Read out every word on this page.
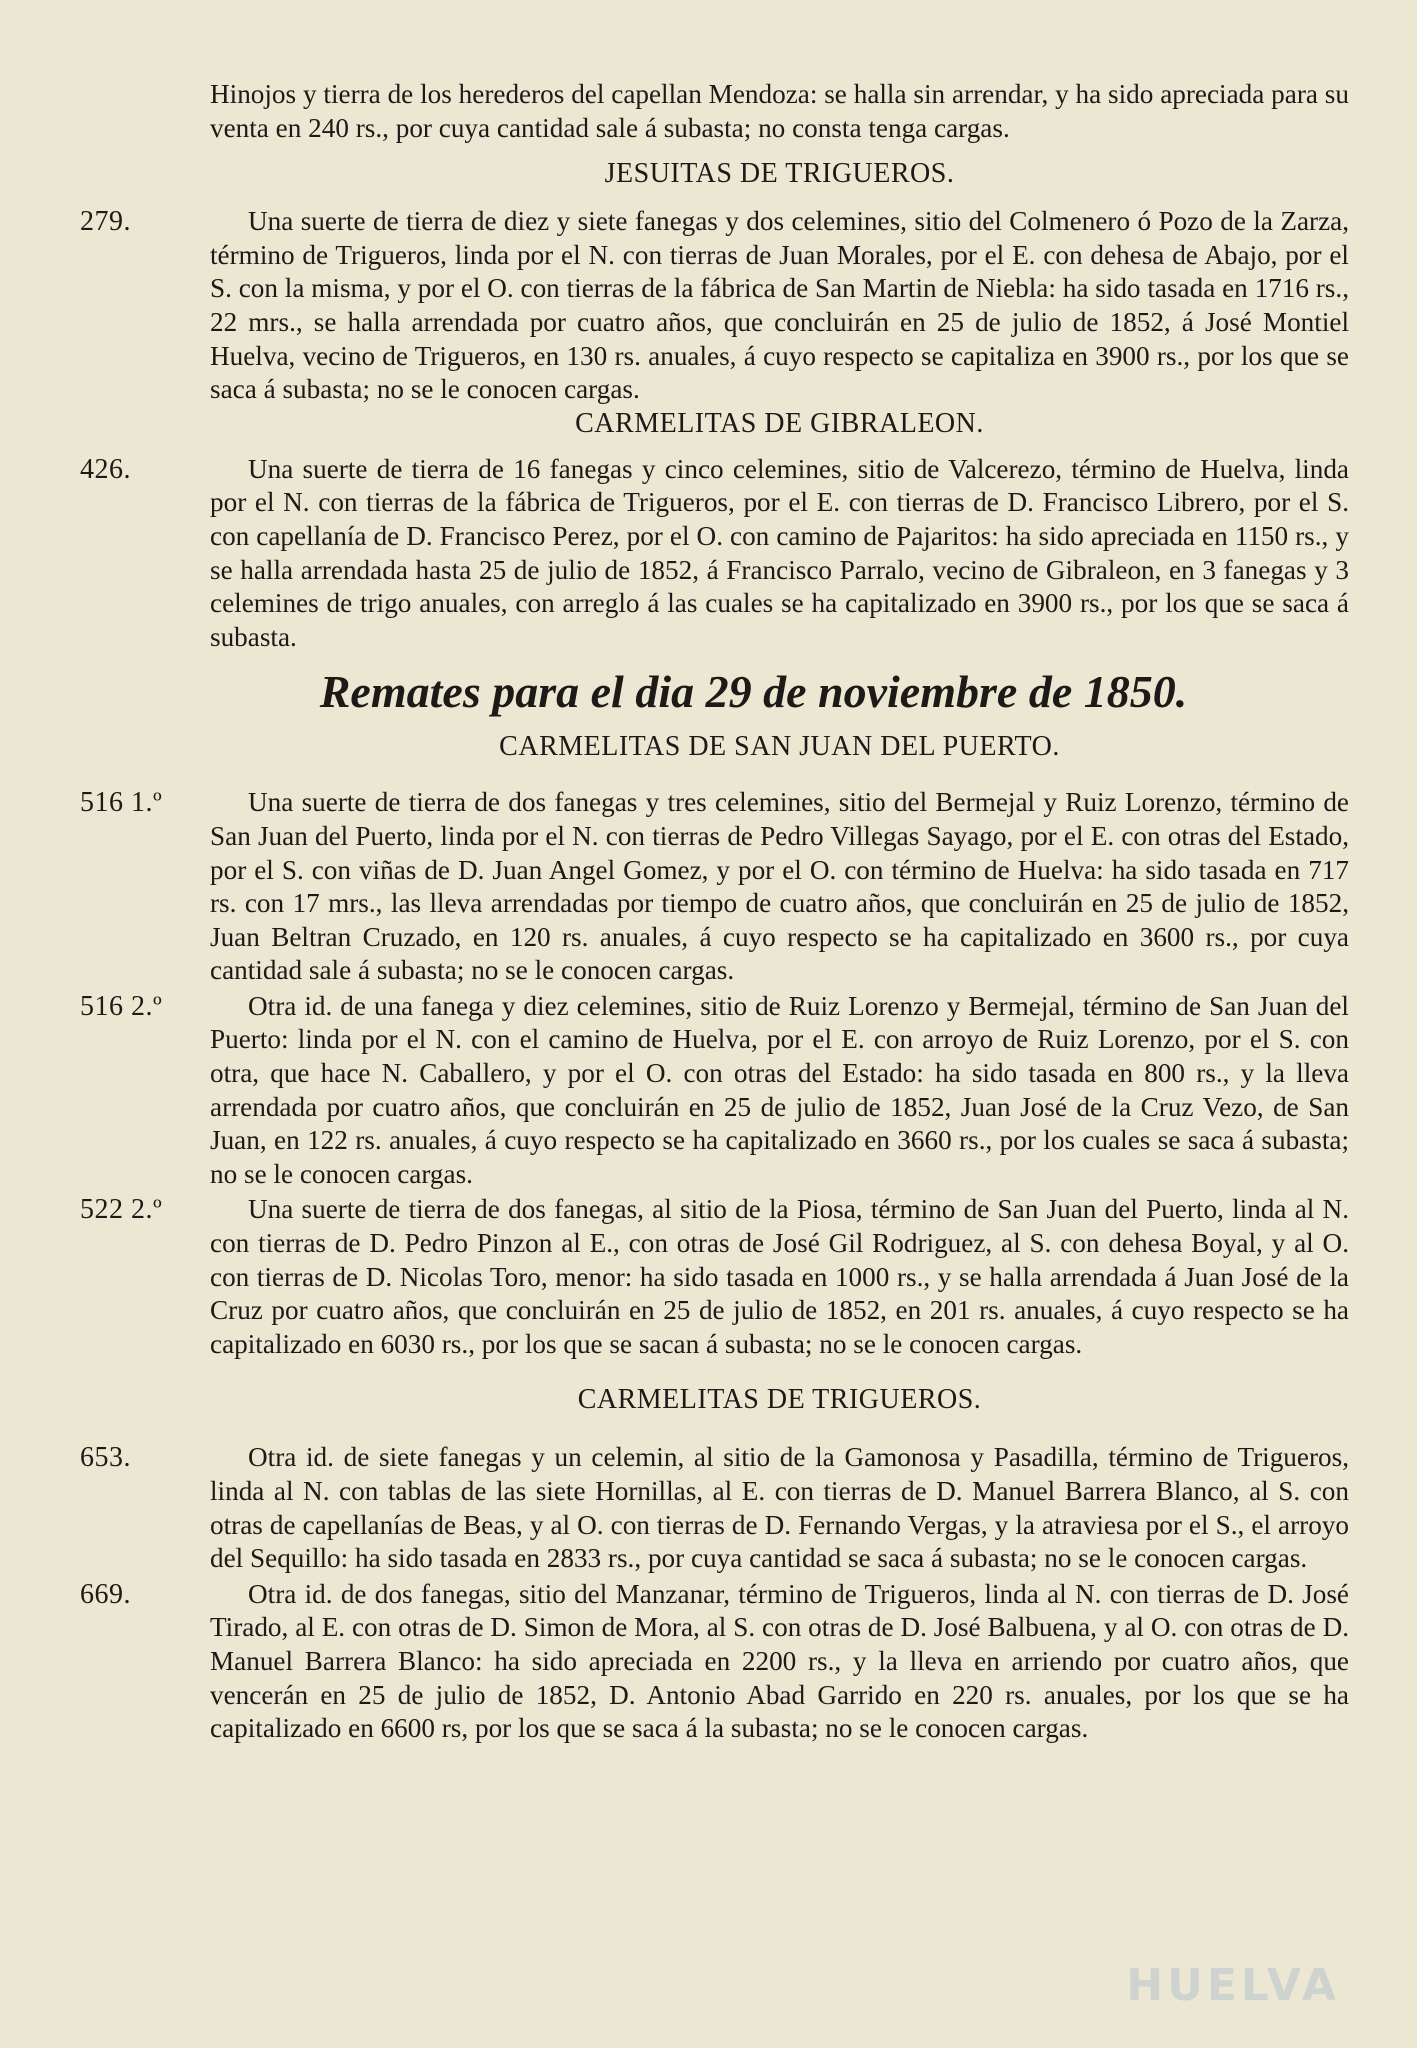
Hinojos y tierra de los herederos del capellan Mendoza: se halla sin arrendar, y ha sido apreciada para su venta en 240 rs., por cuya cantidad sale á subasta; no consta tenga cargas.

JESUITAS DE TRIGUEROS.
279.	Una suerte de tierra de diez y siete fanegas y dos celemines, sitio del Colmenero ó Pozo de la Zarza, término de Trigueros, linda por el N. con tierras de Juan Morales, por el E. con dehesa de Abajo, por el S. con la misma, y por el O. con tierras de la fábrica de San Martin de Niebla: ha sido tasada en 1716 rs., 22 mrs., se halla arrendada por cuatro años, que concluirán en 25 de julio de 1852, á José Montiel Huelva, vecino de Trigueros, en 130 rs. anuales, á cuyo respecto se capitaliza en 3900 rs., por los que se saca á subasta; no se le conocen cargas.
CARMELITAS DE GIBRALEON.
426.	Una suerte de tierra de 16 fanegas y cinco celemines, sitio de Valcerezo, término de Huelva, linda por el N. con tierras de la fábrica de Trigueros, por el E. con tierras de D. Francisco Librero, por el S. con capellanía de D. Francisco Perez, por el O. con camino de Pajaritos: ha sido apreciada en 1150 rs., y se halla arrendada hasta 25 de julio de 1852, á Francisco Parralo, vecino de Gibraleon, en 3 fanegas y 3 celemines de trigo anuales, con arreglo á las cuales se ha capitalizado en 3900 rs., por los que se saca á subasta.
Remates para el dia 29 de noviembre de 1850.
CARMELITAS DE SAN JUAN DEL PUERTO.
516 1.º	Una suerte de tierra de dos fanegas y tres celemines, sitio del Bermejal y Ruiz Lorenzo, término de San Juan del Puerto, linda por el N. con tierras de Pedro Villegas Sayago, por el E. con otras del Estado, por el S. con viñas de D. Juan Angel Gomez, y por el O. con término de Huelva: ha sido tasada en 717 rs. con 17 mrs., las lleva arrendadas por tiempo de cuatro años, que concluirán en 25 de julio de 1852, Juan Beltran Cruzado, en 120 rs. anuales, á cuyo respecto se ha capitalizado en 3600 rs., por cuya cantidad sale á subasta; no se le conocen cargas.
516 2.º	Otra id. de una fanega y diez celemines, sitio de Ruiz Lorenzo y Bermejal, término de San Juan del Puerto: linda por el N. con el camino de Huelva, por el E. con arroyo de Ruiz Lorenzo, por el S. con otra, que hace N. Caballero, y por el O. con otras del Estado: ha sido tasada en 800 rs., y la lleva arrendada por cuatro años, que concluirán en 25 de julio de 1852, Juan José de la Cruz Vezo, de San Juan, en 122 rs. anuales, á cuyo respecto se ha capitalizado en 3660 rs., por los cuales se saca á subasta; no se le conocen cargas.
522 2.º	Una suerte de tierra de dos fanegas, al sitio de la Piosa, término de San Juan del Puerto, linda al N. con tierras de D. Pedro Pinzon al E., con otras de José Gil Rodriguez, al S. con dehesa Boyal, y al O. con tierras de D. Nicolas Toro, menor: ha sido tasada en 1000 rs., y se halla arrendada á Juan José de la Cruz por cuatro años, que concluirán en 25 de julio de 1852, en 201 rs. anuales, á cuyo respecto se ha capitalizado en 6030 rs., por los que se sacan á subasta; no se le conocen cargas.
CARMELITAS DE TRIGUEROS.
653.	Otra id. de siete fanegas y un celemin, al sitio de la Gamonosa y Pasadilla, término de Trigueros, linda al N. con tablas de las siete Hornillas, al E. con tierras de D. Manuel Barrera Blanco, al S. con otras de capellanías de Beas, y al O. con tierras de D. Fernando Vergas, y la atraviesa por el S., el arroyo del Sequillo: ha sido tasada en 2833 rs., por cuya cantidad se saca á subasta; no se le conocen cargas.
669.	Otra id. de dos fanegas, sitio del Manzanar, término de Trigueros, linda al N. con tierras de D. José Tirado, al E. con otras de D. Simon de Mora, al S. con otras de D. José Balbuena, y al O. con otras de D. Manuel Barrera Blanco: ha sido apreciada en 2200 rs., y la lleva en arriendo por cuatro años, que vencerán en 25 de julio de 1852, D. Antonio Abad Garrido en 220 rs. anuales, por los que se ha capitalizado en 6600 rs, por los que se saca á la subasta; no se le conocen cargas.
HUELVA
